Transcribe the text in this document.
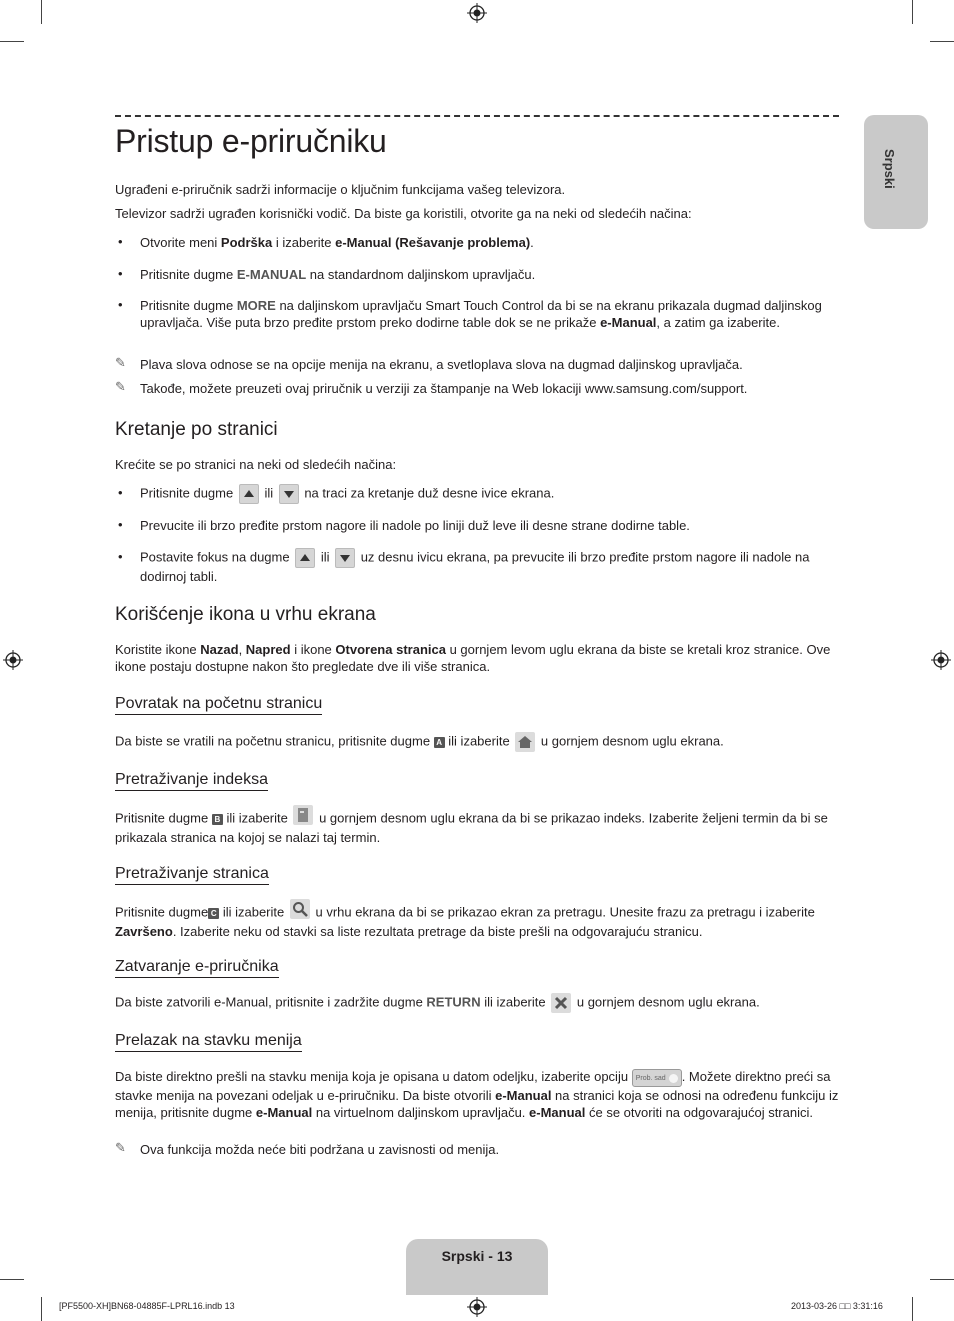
Pristup e-priručniku
Srpski

Ugrađeni e-priručnik sadrži informacije o ključnim funkcijama vašeg televizora.

Televizor sadrži ugrađen korisnički vodič. Da biste ga koristili, otvorite ga na neki od sledećih načina:

• Otvorite meni Podrška i izaberite e-Manual (Rešavanje problema).

• Pritisnite dugme E-MANUAL na standardnom daljinskom upravljaču.

• Pritisnite dugme MORE na daljinskom upravljaču Smart Touch Control da bi se na ekranu prikazala dugmad daljinskog upravljača. Više puta brzo pređite prstom preko dodirne table dok se ne prikaže e-Manual, a zatim ga izaberite.

✎ Plava slova odnose se na opcije menija na ekranu, a svetloplava slova na dugmad daljinskog upravljača.

✎ Takođe, možete preuzeti ovaj priručnik u verziji za štampanje na Web lokaciji www.samsung.com/support.

Kretanje po stranici

Krećite se po stranici na neki od sledećih načina:

• Pritisnite dugme
ili
na traci za kretanje duž desne ivice ekrana.

• Prevucite ili brzo pređite prstom nagore ili nadole po liniji duž leve ili desne strane dodirne table.

• Postavite fokus na dugme
ili
uz desnu ivicu ekrana, pa prevucite ili brzo pređite prstom nagore ili nadole na dodirnoj tabli.

Korišćenje ikona u vrhu ekrana

Koristite ikone Nazad, Napred i ikone Otvorena stranica u gornjem levom uglu ekrana da biste se kretali kroz stranice. Ove ikone postaju dostupne nakon što pregledate dve ili više stranica.

Povratak na početnu stranicu

Da biste se vratili na početnu stranicu, pritisnite dugme A ili izaberite
u gornjem desnom uglu ekrana.

Pretraživanje indeksa

Pritisnite dugme B ili izaberite
u gornjem desnom uglu ekrana da bi se prikazao indeks. Izaberite željeni termin da bi se prikazala stranica na kojoj se nalazi taj termin.

Pretraživanje stranica

Pritisnite dugme C ili izaberite
u vrhu ekrana da bi se prikazao ekran za pretragu. Unesite frazu za pretragu i izaberite Završeno. Izaberite neku od stavki sa liste rezultata pretrage da biste prešli na odgovarajuću stranicu.

Zatvaranje e-priručnika

Da biste zatvorili e-Manual, pritisnite i zadržite dugme RETURN ili izaberite
u gornjem desnom uglu ekrana.

Prelazak na stavku menija

Da biste direktno prešli na stavku menija koja je opisana u datom odeljku, izaberite opciju Prob. sad . Možete direktno preći sa stavke menija na povezani odeljak u e-priručniku. Da biste otvorili e-Manual na stranici koja se odnosi na određenu funkciju iz menija, pritisnite dugme e-Manual na virtuelnom daljinskom upravljaču. e-Manual će se otvoriti na odgovarajućoj stranici.

✎ Ova funkcija možda neće biti podržana u zavisnosti od menija.

Srpski - 13
[PF5500-XH]BN68-04885F-LPRL16.indb 13	2013-03-26 □□ 3:31:16
